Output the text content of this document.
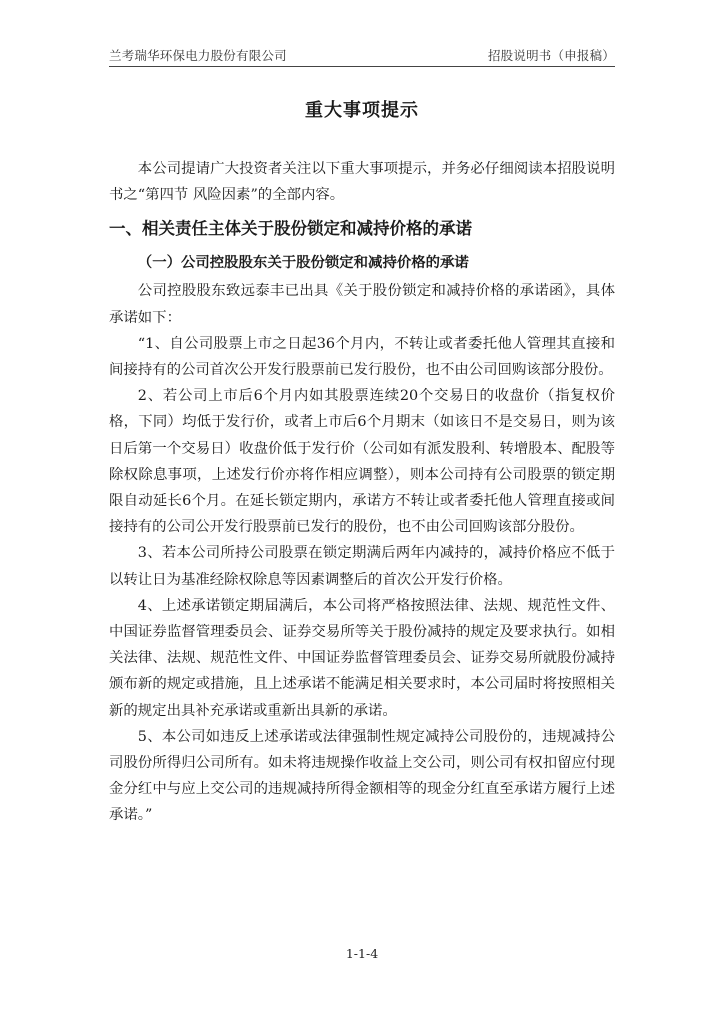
兰考瑞华环保电力股份有限公司	招股说明书（申报稿）
重大事项提示

本公司提请广大投资者关注以下重大事项提示，并务必仔细阅读本招股说明书之“第四节 风险因素”的全部内容。

一、相关责任主体关于股份锁定和减持价格的承诺
（一）公司控股股东关于股份锁定和减持价格的承诺

公司控股股东致远泰丰已出具《关于股份锁定和减持价格的承诺函》，具体承诺如下：

“1、自公司股票上市之日起36个月内，不转让或者委托他人管理其直接和间接持有的公司首次公开发行股票前已发行股份，也不由公司回购该部分股份。

2、若公司上市后6个月内如其股票连续20个交易日的收盘价（指复权价格，下同）均低于发行价，或者上市后6个月期末（如该日不是交易日，则为该日后第一个交易日）收盘价低于发行价（公司如有派发股利、转增股本、配股等除权除息事项，上述发行价亦将作相应调整），则本公司持有公司股票的锁定期限自动延长6个月。在延长锁定期内，承诺方不转让或者委托他人管理直接或间接持有的公司公开发行股票前已发行的股份，也不由公司回购该部分股份。

3、若本公司所持公司股票在锁定期满后两年内减持的，减持价格应不低于以转让日为基准经除权除息等因素调整后的首次公开发行价格。

4、上述承诺锁定期届满后，本公司将严格按照法律、法规、规范性文件、中国证券监督管理委员会、证券交易所等关于股份减持的规定及要求执行。如相关法律、法规、规范性文件、中国证券监督管理委员会、证券交易所就股份减持颁布新的规定或措施，且上述承诺不能满足相关要求时，本公司届时将按照相关新的规定出具补充承诺或重新出具新的承诺。

5、本公司如违反上述承诺或法律强制性规定减持公司股份的，违规减持公司股份所得归公司所有。如未将违规操作收益上交公司，则公司有权扣留应付现金分红中与应上交公司的违规减持所得金额相等的现金分红直至承诺方履行上述承诺。”

1-1-4
